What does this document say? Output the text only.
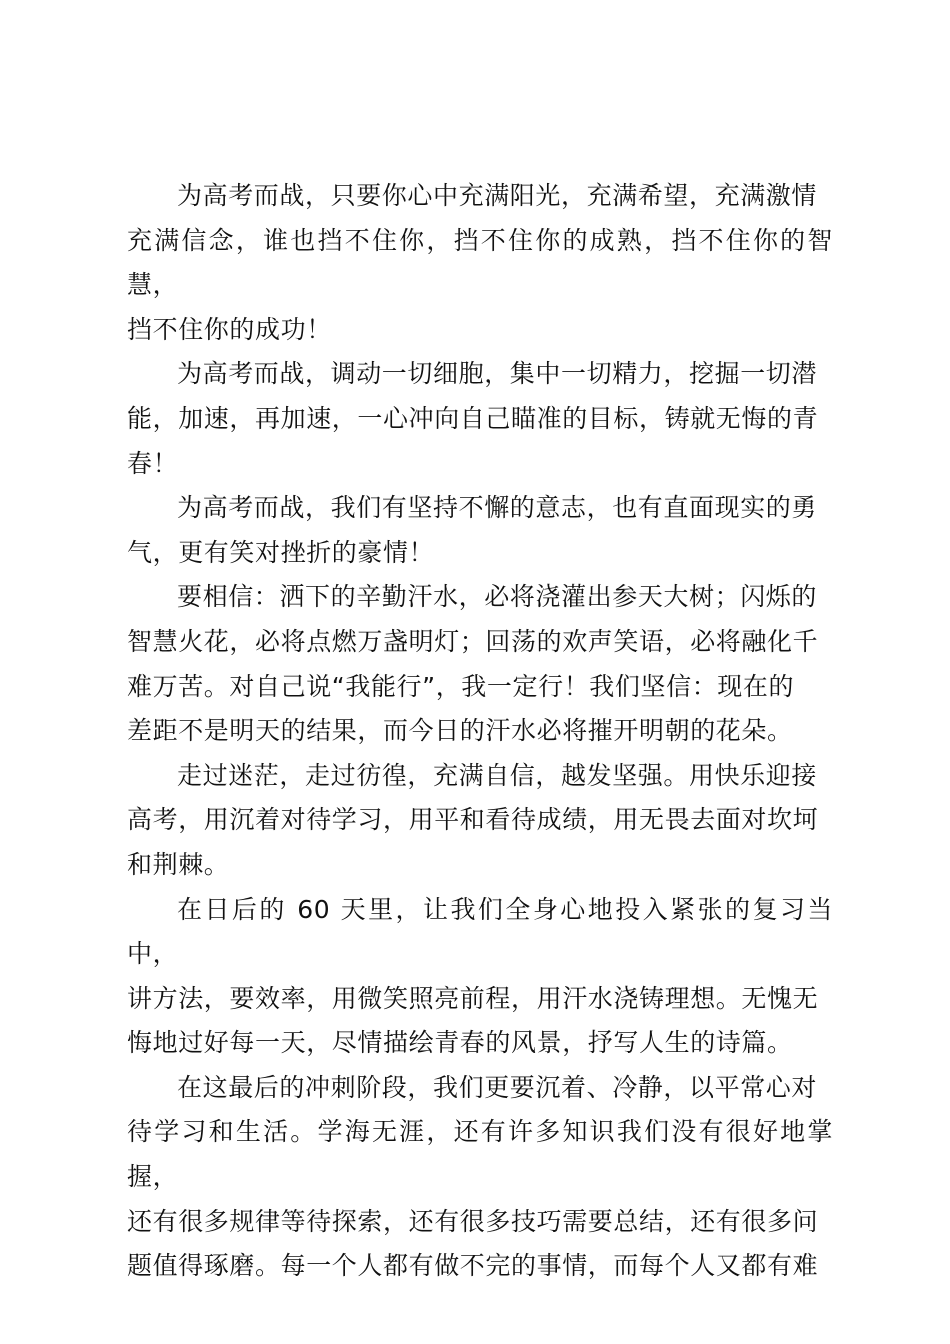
为高考而战，只要你心中充满阳光，充满希望，充满激情
充满信念，谁也挡不住你，挡不住你的成熟，挡不住你的智慧，
挡不住你的成功！

为高考而战，调动一切细胞，集中一切精力，挖掘一切潜
能，加速，再加速，一心冲向自己瞄准的目标，铸就无悔的青
春！

为高考而战，我们有坚持不懈的意志，也有直面现实的勇
气，更有笑对挫折的豪情！

要相信：洒下的辛勤汗水，必将浇灌出参天大树；闪烁的
智慧火花，必将点燃万盏明灯；回荡的欢声笑语，必将融化千
难万苦。对自己说“我能行”，我一定行！我们坚信：现在的
差距不是明天的结果，而今日的汗水必将摧开明朝的花朵。

走过迷茫，走过彷徨，充满自信，越发坚强。用快乐迎接
高考，用沉着对待学习，用平和看待成绩，用无畏去面对坎坷
和荆棘。

在日后的 60 天里，让我们全身心地投入紧张的复习当中，
讲方法，要效率，用微笑照亮前程，用汗水浇铸理想。无愧无
悔地过好每一天，尽情描绘青春的风景，抒写人生的诗篇。

在这最后的冲刺阶段，我们更要沉着、冷静，以平常心对
待学习和生活。学海无涯，还有许多知识我们没有很好地掌握，
还有很多规律等待探索，还有很多技巧需要总结，还有很多问
题值得琢磨。每一个人都有做不完的事情，而每个人又都有难
